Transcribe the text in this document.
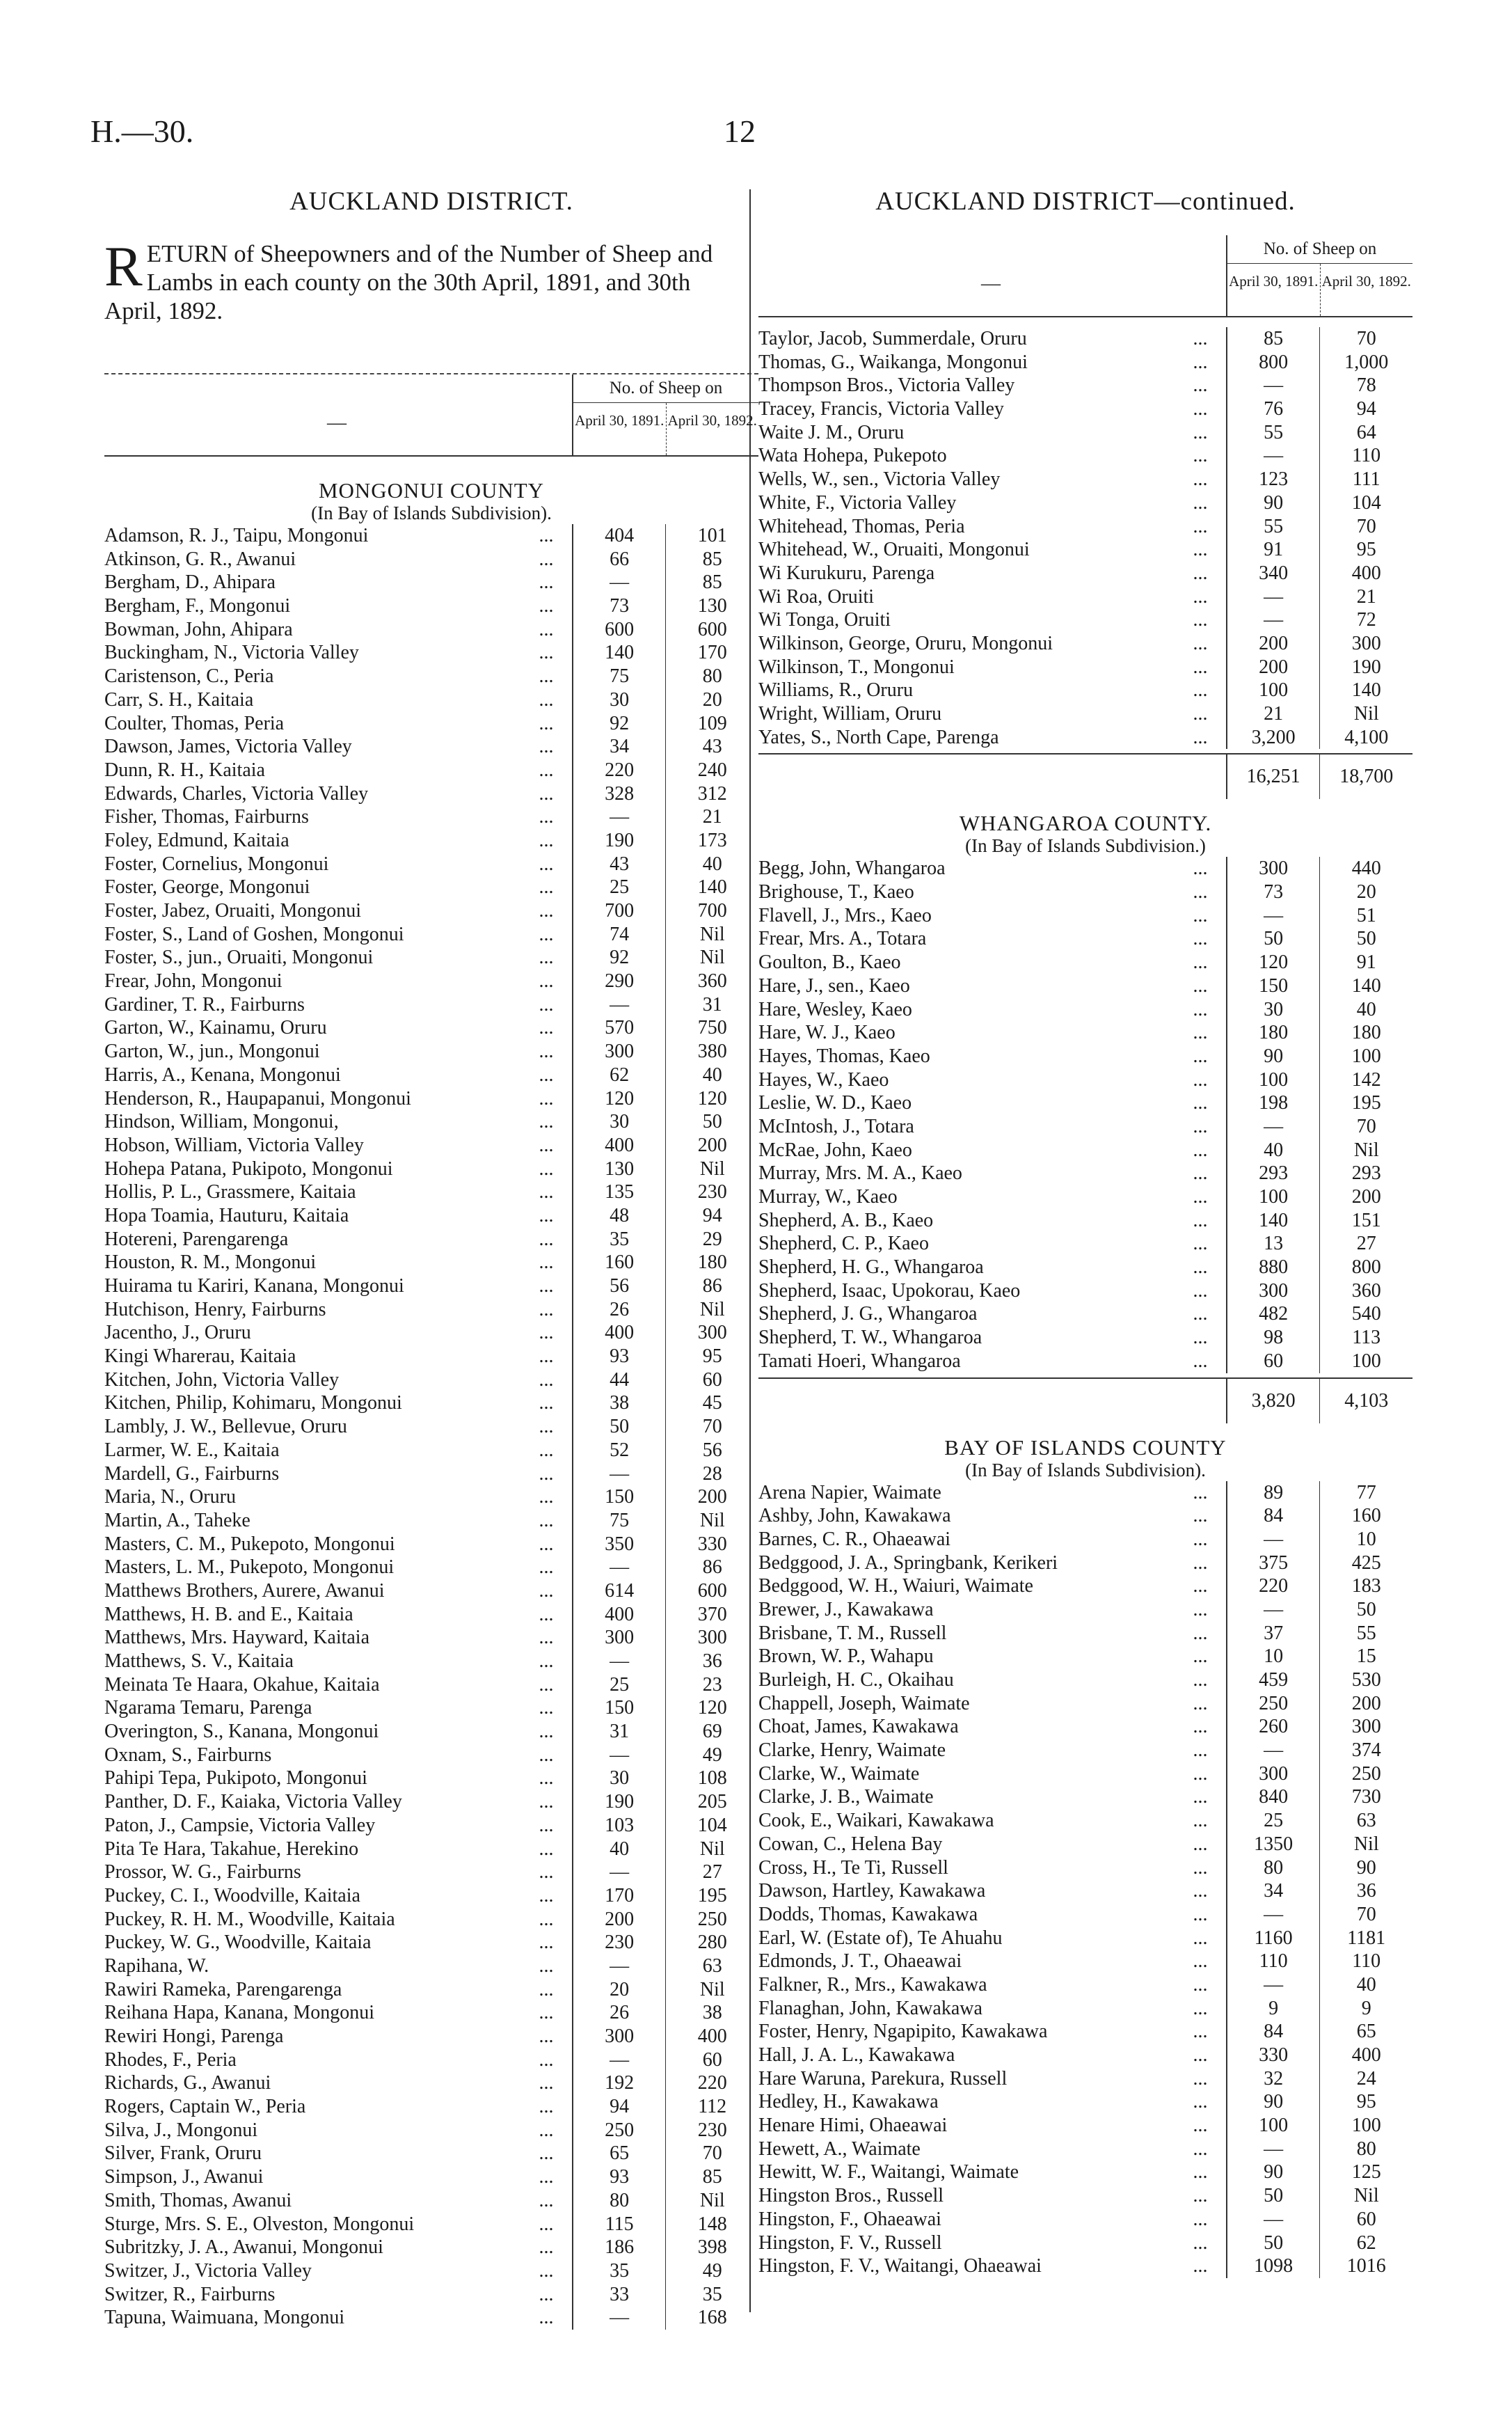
H.—30.	12
AUCKLAND DISTRICT.
R ETURN of Sheepowners and of the Number of Sheep and Lambs in each county on the 30th April, 1891, and 30th April, 1892.
—
No. of Sheep on
April 30, 1891. April 30, 1892.
MONGONUI COUNTY
(In Bay of Islands Subdivision).
Adamson, R. J., Taipu, Mongonui	...	404	101
Atkinson, G. R., Awanui	...	66	85
Bergham, D., Ahipara	...	—	85
Bergham, F., Mongonui	...	73	130
Bowman, John, Ahipara	...	600	600
Buckingham, N., Victoria Valley	...	140	170
Caristenson, C., Peria	...	75	80
Carr, S. H., Kaitaia	...	30	20
Coulter, Thomas, Peria	...	92	109
Dawson, James, Victoria Valley	...	34	43
Dunn, R. H., Kaitaia	...	220	240
Edwards, Charles, Victoria Valley	...	328	312
Fisher, Thomas, Fairburns	...	—	21
Foley, Edmund, Kaitaia	...	190	173
Foster, Cornelius, Mongonui	...	43	40
Foster, George, Mongonui	...	25	140
Foster, Jabez, Oruaiti, Mongonui	...	700	700
Foster, S., Land of Goshen, Mongonui	...	74	Nil
Foster, S., jun., Oruaiti, Mongonui	...	92	Nil
Frear, John, Mongonui	...	290	360
Gardiner, T. R., Fairburns	...	—	31
Garton, W., Kainamu, Oruru	...	570	750
Garton, W., jun., Mongonui	...	300	380
Harris, A., Kenana, Mongonui	...	62	40
Henderson, R., Haupapanui, Mongonui	...	120	120
Hindson, William, Mongonui,	...	30	50
Hobson, William, Victoria Valley	...	400	200
Hohepa Patana, Pukipoto, Mongonui	...	130	Nil
Hollis, P. L., Grassmere, Kaitaia	...	135	230
Hopa Toamia, Hauturu, Kaitaia	...	48	94
Hotereni, Parengarenga	...	35	29
Houston, R. M., Mongonui	...	160	180
Huirama tu Kariri, Kanana, Mongonui	...	56	86
Hutchison, Henry, Fairburns	...	26	Nil
Jacentho, J., Oruru	...	400	300
Kingi Wharerau, Kaitaia	...	93	95
Kitchen, John, Victoria Valley	...	44	60
Kitchen, Philip, Kohimaru, Mongonui	...	38	45
Lambly, J. W., Bellevue, Oruru	...	50	70
Larmer, W. E., Kaitaia	...	52	56
Mardell, G., Fairburns	...	—	28
Maria, N., Oruru	...	150	200
Martin, A., Taheke	...	75	Nil
Masters, C. M., Pukepoto, Mongonui	...	350	330
Masters, L. M., Pukepoto, Mongonui	...	—	86
Matthews Brothers, Aurere, Awanui	...	614	600
Matthews, H. B. and E., Kaitaia	...	400	370
Matthews, Mrs. Hayward, Kaitaia	...	300	300
Matthews, S. V., Kaitaia	...	—	36
Meinata Te Haara, Okahue, Kaitaia	...	25	23
Ngarama Temaru, Parenga	...	150	120
Overington, S., Kanana, Mongonui	...	31	69
Oxnam, S., Fairburns	...	—	49
Pahipi Tepa, Pukipoto, Mongonui	...	30	108
Panther, D. F., Kaiaka, Victoria Valley	...	190	205
Paton, J., Campsie, Victoria Valley	...	103	104
Pita Te Hara, Takahue, Herekino	...	40	Nil
Prossor, W. G., Fairburns	...	—	27
Puckey, C. I., Woodville, Kaitaia	...	170	195
Puckey, R. H. M., Woodville, Kaitaia	...	200	250
Puckey, W. G., Woodville, Kaitaia	...	230	280
Rapihana, W.	...	—	63
Rawiri Rameka, Parengarenga	...	20	Nil
Reihana Hapa, Kanana, Mongonui	...	26	38
Rewiri Hongi, Parenga	...	300	400
Rhodes, F., Peria	...	—	60
Richards, G., Awanui	...	192	220
Rogers, Captain W., Peria	...	94	112
Silva, J., Mongonui	...	250	230
Silver, Frank, Oruru	...	65	70
Simpson, J., Awanui	...	93	85
Smith, Thomas, Awanui	...	80	Nil
Sturge, Mrs. S. E., Olveston, Mongonui	...	115	148
Subritzky, J. A., Awanui, Mongonui	...	186	398
Switzer, J., Victoria Valley	...	35	49
Switzer, R., Fairburns	...	33	35
Tapuna, Waimuana, Mongonui	...	—	168
AUCKLAND DISTRICT—continued.
—
No. of Sheep on
April 30, 1891. April 30, 1892.
Taylor, Jacob, Summerdale, Oruru	...	85	70
Thomas, G., Waikanga, Mongonui	...	800	1,000
Thompson Bros., Victoria Valley	...	—	78
Tracey, Francis, Victoria Valley	...	76	94
Waite J. M., Oruru	...	55	64
Wata Hohepa, Pukepoto	...	—	110
Wells, W., sen., Victoria Valley	...	123	111
White, F., Victoria Valley	...	90	104
Whitehead, Thomas, Peria	...	55	70
Whitehead, W., Oruaiti, Mongonui	...	91	95
Wi Kurukuru, Parenga	...	340	400
Wi Roa, Oruiti	...	—	21
Wi Tonga, Oruiti	...	—	72
Wilkinson, George, Oruru, Mongonui	...	200	300
Wilkinson, T., Mongonui	...	200	190
Williams, R., Oruru	...	100	140
Wright, William, Oruru	...	21	Nil
Yates, S., North Cape, Parenga	...	3,200	4,100
16,251	18,700
WHANGAROA COUNTY.
(In Bay of Islands Subdivision.)
Begg, John, Whangaroa	...	300	440
Brighouse, T., Kaeo	...	73	20
Flavell, J., Mrs., Kaeo	...	—	51
Frear, Mrs. A., Totara	...	50	50
Goulton, B., Kaeo	...	120	91
Hare, J., sen., Kaeo	...	150	140
Hare, Wesley, Kaeo	...	30	40
Hare, W. J., Kaeo	...	180	180
Hayes, Thomas, Kaeo	...	90	100
Hayes, W., Kaeo	...	100	142
Leslie, W. D., Kaeo	...	198	195
McIntosh, J., Totara	...	—	70
McRae, John, Kaeo	...	40	Nil
Murray, Mrs. M. A., Kaeo	...	293	293
Murray, W., Kaeo	...	100	200
Shepherd, A. B., Kaeo	...	140	151
Shepherd, C. P., Kaeo	...	13	27
Shepherd, H. G., Whangaroa	...	880	800
Shepherd, Isaac, Upokorau, Kaeo	...	300	360
Shepherd, J. G., Whangaroa	...	482	540
Shepherd, T. W., Whangaroa	...	98	113
Tamati Hoeri, Whangaroa	...	60	100
3,820	4,103
BAY OF ISLANDS COUNTY
(In Bay of Islands Subdivision).
Arena Napier, Waimate	...	89	77
Ashby, John, Kawakawa	...	84	160
Barnes, C. R., Ohaeawai	...	—	10
Bedggood, J. A., Springbank, Kerikeri	...	375	425
Bedggood, W. H., Waiuri, Waimate	...	220	183
Brewer, J., Kawakawa	...	—	50
Brisbane, T. M., Russell	...	37	55
Brown, W. P., Wahapu	...	10	15
Burleigh, H. C., Okaihau	...	459	530
Chappell, Joseph, Waimate	...	250	200
Choat, James, Kawakawa	...	260	300
Clarke, Henry, Waimate	...	—	374
Clarke, W., Waimate	...	300	250
Clarke, J. B., Waimate	...	840	730
Cook, E., Waikari, Kawakawa	...	25	63
Cowan, C., Helena Bay	...	1350	Nil
Cross, H., Te Ti, Russell	...	80	90
Dawson, Hartley, Kawakawa	...	34	36
Dodds, Thomas, Kawakawa	...	—	70
Earl, W. (Estate of), Te Ahuahu	...	1160	1181
Edmonds, J. T., Ohaeawai	...	110	110
Falkner, R., Mrs., Kawakawa	...	—	40
Flanaghan, John, Kawakawa	...	9	9
Foster, Henry, Ngapipito, Kawakawa	...	84	65
Hall, J. A. L., Kawakawa	...	330	400
Hare Waruna, Parekura, Russell	...	32	24
Hedley, H., Kawakawa	...	90	95
Henare Himi, Ohaeawai	...	100	100
Hewett, A., Waimate	...	—	80
Hewitt, W. F., Waitangi, Waimate	...	90	125
Hingston Bros., Russell	...	50	Nil
Hingston, F., Ohaeawai	...	—	60
Hingston, F. V., Russell	...	50	62
Hingston, F. V., Waitangi, Ohaeawai	...	1098	1016
